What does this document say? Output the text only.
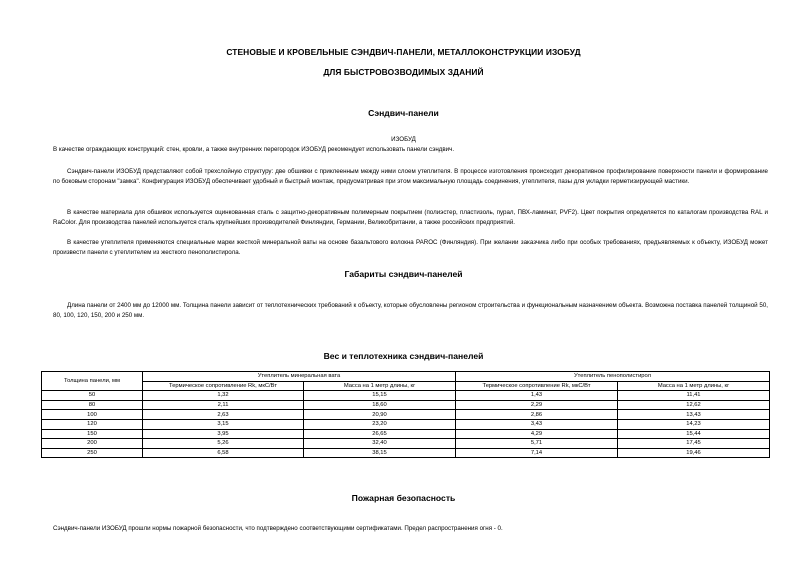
СТЕНОВЫЕ И КРОВЕЛЬНЫЕ СЭНДВИЧ-ПАНЕЛИ, МЕТАЛЛОКОНСТРУКЦИИ ИЗОБУД
ДЛЯ БЫСТРОВОЗВОДИМЫХ ЗДАНИЙ
Сэндвич-панели
ИЗОБУД
В качестве ограждающих конструкций: стен, кровли, а также внутренних перегородок ИЗОБУД рекомендует использовать панели сэндвич.
Сэндвич-панели ИЗОБУД представляют собой трехслойную структуру: две обшивки с приклеенным между ними слоем утеплителя. В процессе изготовления происходит декоративное профилирование поверхности панели и формирование по боковым сторонам "замка". Конфигурация ИЗОБУД обеспечивает удобный и быстрый монтаж, предусматривая при этом максимальную площадь соединения, утеплителя, пазы для укладки герметизирующей мастики.
В качестве материала для обшивок используется оцинкованная сталь с защитно-декоративным полимерным покрытием (полиэстер, пластизоль, пурал, ПВХ-ламинат, PVF2). Цвет покрытия определяется по каталогам производства RAL и RaColor. Для производства панелей используется сталь крупнейших производителей Финляндии, Германии, Великобритании, а также российских предприятий.
В качестве утеплителя применяются специальные марки жесткой минеральной ваты на основе базальтового волокна PAROC (Финляндия). При желании заказчика либо при особых требованиях, предъявляемых к объекту, ИЗОБУД может произвести панели с утеплителем из жесткого пенополистирола.
Габариты сэндвич-панелей
Длина панели от 2400 мм до 12000 мм. Толщина панели зависит от теплотехнических требований к объекту, которые обусловлены регионом строительства и функциональным назначением объекта. Возможна поставка панелей толщиной 50, 80, 100, 120, 150, 200 и 250 мм.
Вес и теплотехника сэндвич-панелей
Толщина панели, мм	Утеплитель минеральная вата		Утеплитель пенополистирол	
	Термическое сопротивление Rk, мкС/Вт	Масса на 1 метр длины, кг	Термическое сопротивление Rk, мкС/Вт	Масса на 1 метр длины, кг
50	1,32	15,15	1,43	11,41
80	2,11	18,60	2,29	12,62
100	2,63	20,90	2,86	13,43
120	3,15	23,20	3,43	14,23
150	3,95	26,65	4,29	15,44
200	5,26	32,40	5,71	17,45
250	6,58	38,15	7,14	19,46
Пожарная безопасность
Сэндвич-панели ИЗОБУД прошли нормы пожарной безопасности, что подтверждено соответствующими сертификатами. Предел распространения огня - 0.
